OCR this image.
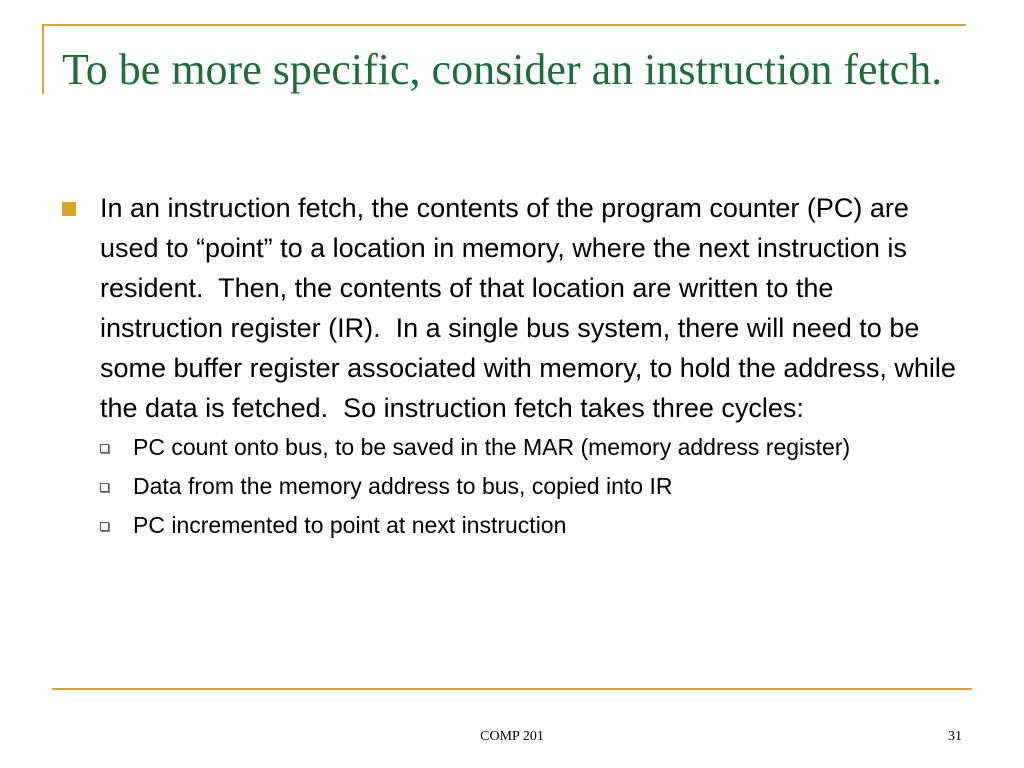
To be more specific, consider an instruction fetch.
In an instruction fetch, the contents of the program counter (PC) are used to “point” to a location in memory, where the next instruction is resident.  Then, the contents of that location are written to the instruction register (IR).  In a single bus system, there will need to be some buffer register associated with memory, to hold the address, while the data is fetched.  So instruction fetch takes three cycles:
PC count onto bus, to be saved in the MAR (memory address register)
Data from the memory address to bus, copied into IR
PC incremented to point at next instruction
COMP 201	31
